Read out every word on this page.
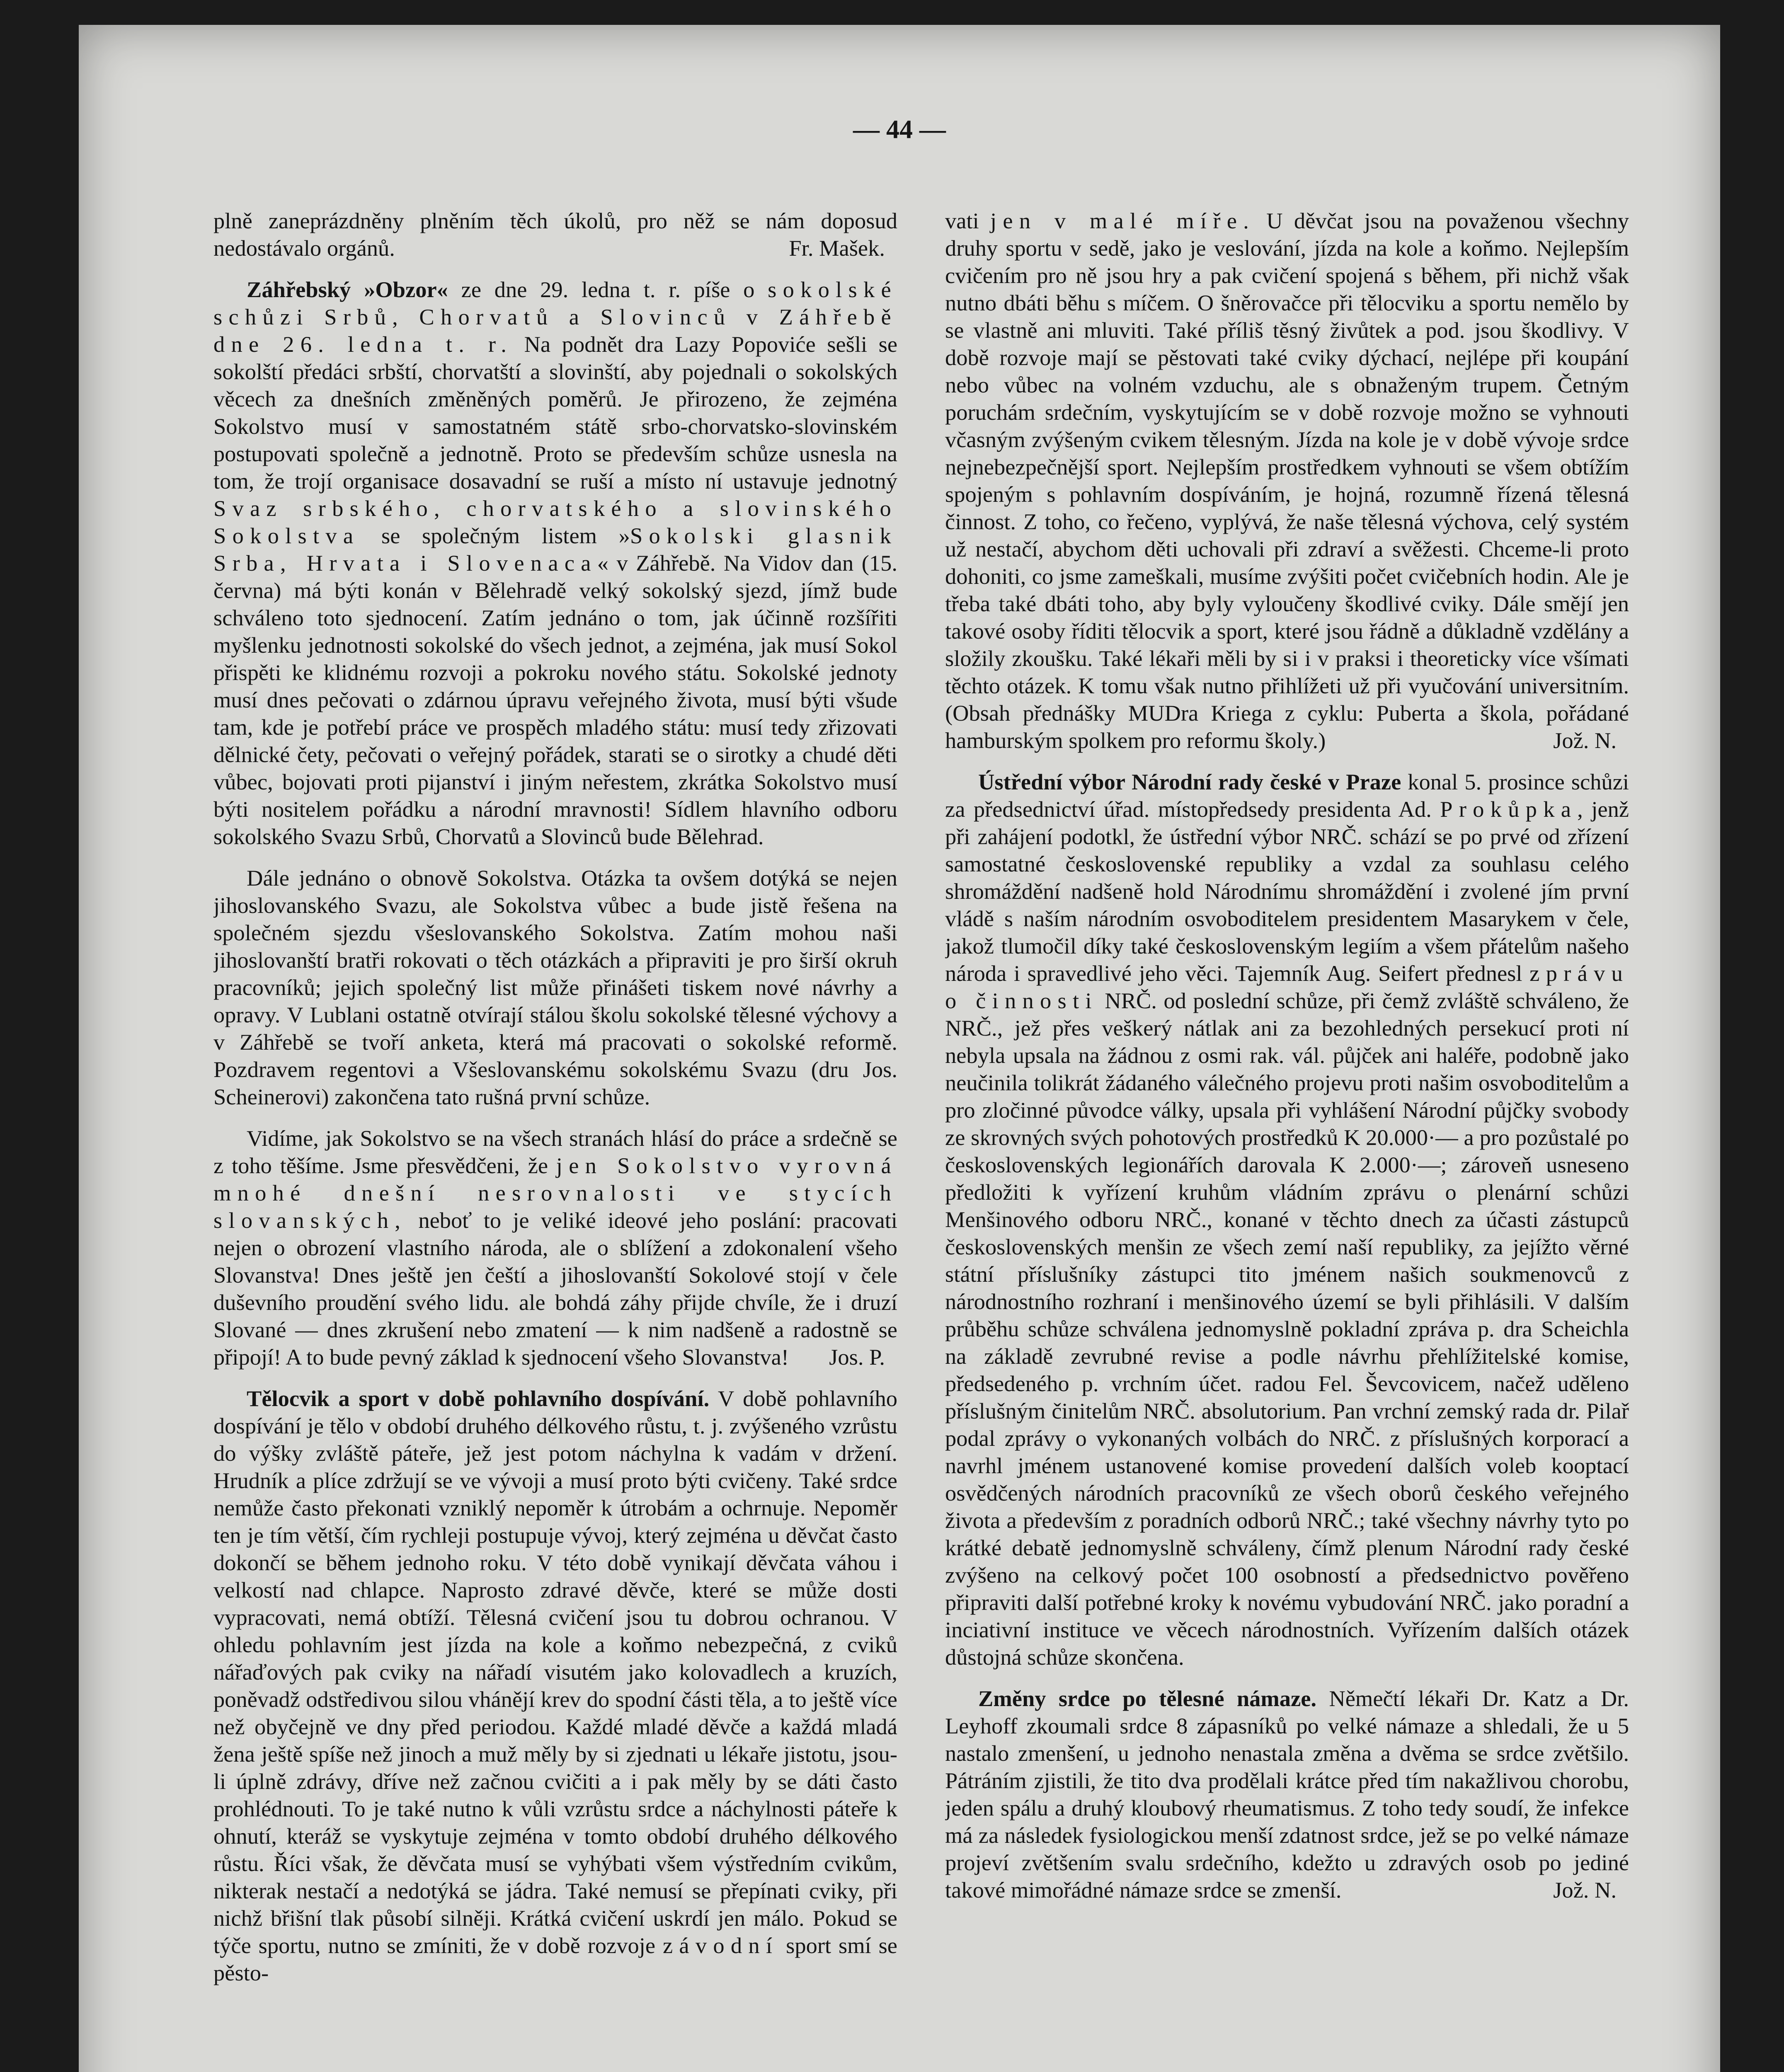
— 44 —

plně zaneprázdněny plněním těch úkolů, pro něž se nám doposud nedostávalo orgánů.	Fr. Mašek.

Záhřebský »Obzor« ze dne 29. ledna t. r. píše o sokolské schůzi Srbů, Chorvatů a Slovinců v Záhřebě dne 26. ledna t. r. Na podnět dra Lazy Popoviće sešli se sokolští předáci srbští, chorvatští a slovinští, aby pojednali o sokolských věcech za dnešních změněných poměrů. Je přirozeno, že zejména Sokolstvo musí v samostatném státě srbo-chorvatsko-slovinském postupovati společně a jednotně. Proto se především schůze usnesla na tom, že trojí organisace dosavadní se ruší a místo ní ustavuje jednotný Svaz srbského, chorvatského a slovinského Sokolstva se společným listem »Sokolski glasnik Srba, Hrvata i Slovenaca« v Záhřebě. Na Vidov dan (15. června) má býti konán v Bělehradě velký sokolský sjezd, jímž bude schváleno toto sjednocení. Zatím jednáno o tom, jak účinně rozšířiti myšlenku jednotnosti sokolské do všech jednot, a zejména, jak musí Sokol přispěti ke klidnému rozvoji a pokroku nového státu. Sokolské jednoty musí dnes pečovati o zdárnou úpravu veřejného života, musí býti všude tam, kde je potřebí práce ve prospěch mladého státu: musí tedy zřizovati dělnické čety, pečovati o veřejný pořádek, starati se o sirotky a chudé děti vůbec, bojovati proti pijanství i jiným neřestem, zkrátka Sokolstvo musí býti nositelem pořádku a národní mravnosti! Sídlem hlavního odboru sokolského Svazu Srbů, Chorvatů a Slovinců bude Bělehrad.

Dále jednáno o obnově Sokolstva. Otázka ta ovšem dotýká se nejen jihoslovanského Svazu, ale Sokolstva vůbec a bude jistě řešena na společném sjezdu všeslovanského Sokolstva. Zatím mohou naši jihoslovanští bratři rokovati o těch otázkách a připraviti je pro širší okruh pracovníků; jejich společný list může přinášeti tiskem nové návrhy a opravy. V Lublani ostatně otvírají stálou školu sokolské tělesné výchovy a v Záhřebě se tvoří anketa, která má pracovati o sokolské reformě. Pozdravem regentovi a Všeslovanskému sokolskému Svazu (dru Jos. Scheinerovi) zakončena tato rušná první schůze.

Vidíme, jak Sokolstvo se na všech stranách hlásí do práce a srdečně se z toho těšíme. Jsme přesvědčeni, že jen Sokolstvo vyrovná mnohé dnešní nesrovnalosti ve stycích slovanských, neboť to je veliké ideové jeho poslání: pracovati nejen o obrození vlastního národa, ale o sblížení a zdokonalení všeho Slovanstva! Dnes ještě jen čeští a jihoslovanští Sokolové stojí v čele duševního proudění svého lidu. ale bohdá záhy přijde chvíle, že i druzí Slované — dnes zkrušení nebo zmatení — k nim nadšeně a radostně se připojí! A to bude pevný základ k sjednocení všeho Slovanstva!	Jos. P.

Tělocvik a sport v době pohlavního dospívání. V době pohlavního dospívání je tělo v období druhého délkového růstu, t. j. zvýšeného vzrůstu do výšky zvláště páteře, jež jest potom náchylna k vadám v držení. Hrudník a plíce zdržují se ve vývoji a musí proto býti cvičeny. Také srdce nemůže často překonati vzniklý nepoměr k útrobám a ochrnuje. Nepoměr ten je tím větší, čím rychleji postupuje vývoj, který zejména u děvčat často dokončí se během jednoho roku. V této době vynikají děvčata váhou i velkostí nad chlapce. Naprosto zdravé děvče, které se může dosti vypracovati, nemá obtíží. Tělesná cvičení jsou tu dobrou ochranou. V ohledu pohlavním jest jízda na kole a koňmo nebezpečná, z cviků nářaďových pak cviky na nářadí visutém jako kolovadlech a kruzích, poněvadž odstředivou silou vhánějí krev do spodní části těla, a to ještě více než obyčejně ve dny před periodou. Každé mladé děvče a každá mladá žena ještě spíše než jinoch a muž měly by si zjednati u lékaře jistotu, jsou-li úplně zdrávy, dříve než začnou cvičiti a i pak měly by se dáti často prohlédnouti. To je také nutno k vůli vzrůstu srdce a náchylnosti páteře k ohnutí, kteráž se vyskytuje zejména v tomto období druhého délkového růstu. Říci však, že děvčata musí se vyhýbati všem výstředním cvikům, nikterak nestačí a nedotýká se jádra. Také nemusí se přepínati cviky, při nichž břišní tlak působí silněji. Krátká cvičení uskrdí jen málo. Pokud se týče sportu, nutno se zmíniti, že v době rozvoje závodní sport smí se pěsto-

vati jen v malé míře. U děvčat jsou na považenou všechny druhy sportu v sedě, jako je veslování, jízda na kole a koňmo. Nejlepším cvičením pro ně jsou hry a pak cvičení spojená s během, při nichž však nutno dbáti běhu s míčem. O šněrovačce při tělocviku a sportu nemělo by se vlastně ani mluviti. Také příliš těsný živůtek a pod. jsou škodlivy. V době rozvoje mají se pěstovati také cviky dýchací, nejlépe při koupání nebo vůbec na volném vzduchu, ale s obnaženým trupem. Četným poruchám srdečním, vyskytujícím se v době rozvoje možno se vyhnouti včasným zvýšeným cvikem tělesným. Jízda na kole je v době vývoje srdce nejnebezpečnější sport. Nejlepším prostředkem vyhnouti se všem obtížím spojeným s pohlavním dospíváním, je hojná, rozumně řízená tělesná činnost. Z toho, co řečeno, vyplývá, že naše tělesná výchova, celý systém už nestačí, abychom děti uchovali při zdraví a svěžesti. Chceme-li proto dohoniti, co jsme zameškali, musíme zvýšiti počet cvičebních hodin. Ale je třeba také dbáti toho, aby byly vyloučeny škodlivé cviky. Dále smějí jen takové osoby říditi tělocvik a sport, které jsou řádně a důkladně vzdělány a složily zkoušku. Také lékaři měli by si i v praksi i theoreticky více všímati těchto otázek. K tomu však nutno přihlížeti už při vyučování universitním. (Obsah přednášky MUDra Kriega z cyklu: Puberta a škola, pořádané hamburským spolkem pro reformu školy.)	Jož. N.

Ústřední výbor Národní rady české v Praze konal 5. prosince schůzi za předsednictví úřad. místopředsedy presidenta Ad. Prokůpka, jenž při zahájení podotkl, že ústřední výbor NRČ. schází se po prvé od zřízení samostatné československé republiky a vzdal za souhlasu celého shromáždění nadšeně hold Národnímu shromáždění i zvolené jím první vládě s naším národním osvoboditelem presidentem Masarykem v čele, jakož tlumočil díky také československým legiím a všem přátelům našeho národa i spravedlivé jeho věci. Tajemník Aug. Seifert přednesl zprávu o činnosti NRČ. od poslední schůze, při čemž zvláště schváleno, že NRČ., jež přes veškerý nátlak ani za bezohledných persekucí proti ní nebyla upsala na žádnou z osmi rak. vál. půjček ani haléře, podobně jako neučinila tolikrát žádaného válečného projevu proti našim osvoboditelům a pro zločinné původce války, upsala při vyhlášení Národní půjčky svobody ze skrovných svých pohotových prostředků K 20.000·— a pro pozůstalé po československých legionářích darovala K 2.000·—; zároveň usneseno předložiti k vyřízení kruhům vládním zprávu o plenární schůzi Menšinového odboru NRČ., konané v těchto dnech za účasti zástupců československých menšin ze všech zemí naší republiky, za jejížto věrné státní příslušníky zástupci tito jménem našich soukmenovců z národnostního rozhraní i menšinového území se byli přihlásili. V dalším průběhu schůze schválena jednomyslně pokladní zpráva p. dra Scheichla na základě zevrubné revise a podle návrhu přehlížitelské komise, předsedeného p. vrchním účet. radou Fel. Ševcovicem, načež uděleno příslušným činitelům NRČ. absolutorium. Pan vrchní zemský rada dr. Pilař podal zprávy o vykonaných volbách do NRČ. z příslušných korporací a navrhl jménem ustanovené komise provedení dalších voleb kooptací osvědčených národních pracovníků ze všech oborů českého veřejného života a především z poradních odborů NRČ.; také všechny návrhy tyto po krátké debatě jednomyslně schváleny, čímž plenum Národní rady české zvýšeno na celkový počet 100 osobností a předsednictvo pověřeno připraviti další potřebné kroky k novému vybudování NRČ. jako poradní a inciativní instituce ve věcech národnostních. Vyřízením dalších otázek důstojná schůze skončena.

Změny srdce po tělesné námaze. Němečtí lékaři Dr. Katz a Dr. Leyhoff zkoumali srdce 8 zápasníků po velké námaze a shledali, že u 5 nastalo zmenšení, u jednoho nenastala změna a dvěma se srdce zvětšilo. Pátráním zjistili, že tito dva prodělali krátce před tím nakažlivou chorobu, jeden spálu a druhý kloubový rheumatismus. Z toho tedy soudí, že infekce má za následek fysiologickou menší zdatnost srdce, jež se po velké námaze projeví zvětšením svalu srdečního, kdežto u zdravých osob po jediné takové mimořádné námaze srdce se zmenší.	Jož. N.
